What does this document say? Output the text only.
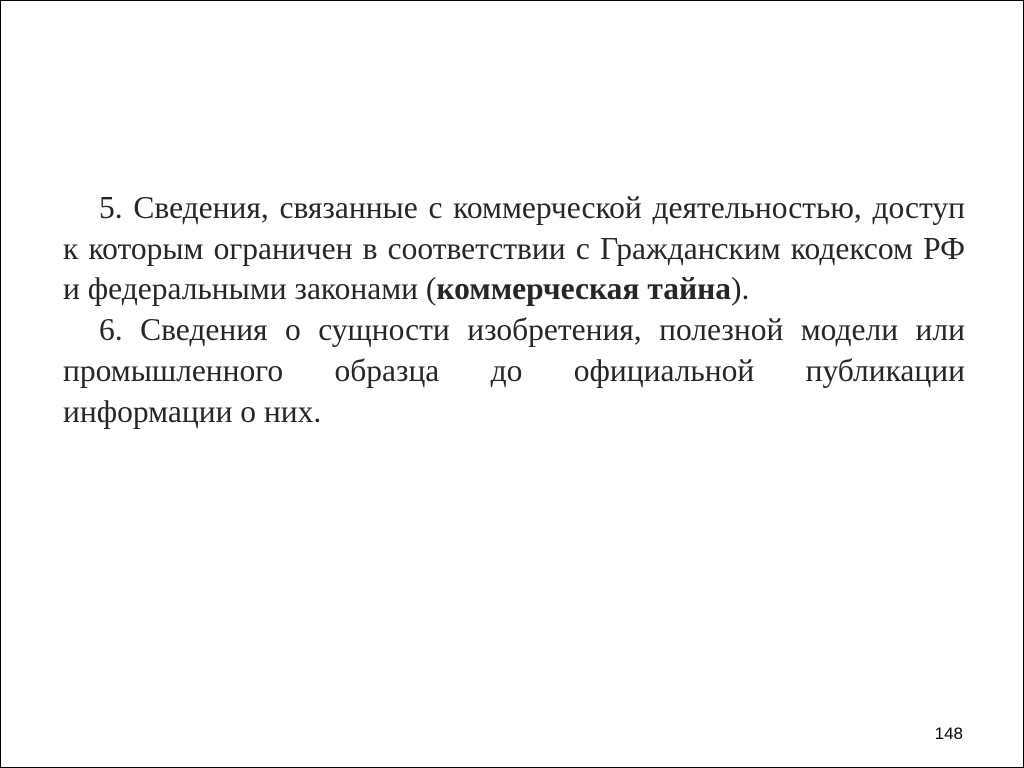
5. Сведения, связанные с коммерческой деятельностью, доступ к которым ограничен в соответствии с Гражданским кодексом РФ и федеральными законами (коммерческая тайна).

6. Сведения о сущности изобретения, полезной модели или промышленного образца до официальной публикации информации о них.

148
